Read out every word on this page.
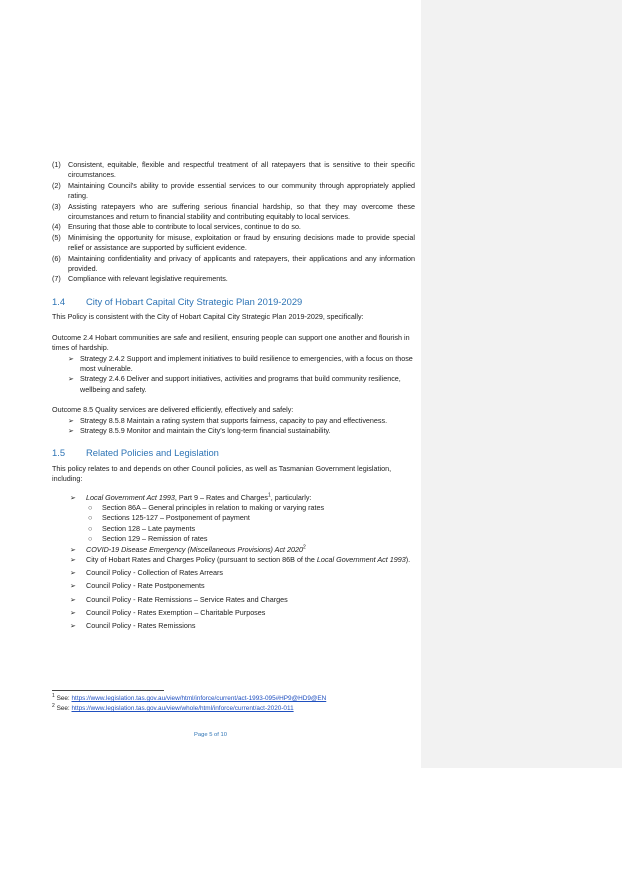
(1) Consistent, equitable, flexible and respectful treatment of all ratepayers that is sensitive to their specific circumstances.
(2) Maintaining Council's ability to provide essential services to our community through appropriately applied rating.
(3) Assisting ratepayers who are suffering serious financial hardship, so that they may overcome these circumstances and return to financial stability and contributing equitably to local services.
(4) Ensuring that those able to contribute to local services, continue to do so.
(5) Minimising the opportunity for misuse, exploitation or fraud by ensuring decisions made to provide special relief or assistance are supported by sufficient evidence.
(6) Maintaining confidentiality and privacy of applicants and ratepayers, their applications and any information provided.
(7) Compliance with relevant legislative requirements.
1.4	City of Hobart Capital City Strategic Plan 2019-2029

This Policy is consistent with the City of Hobart Capital City Strategic Plan 2019-2029, specifically:

Outcome 2.4 Hobart communities are safe and resilient, ensuring people can support one another and flourish in times of hardship.

➢ Strategy 2.4.2 Support and implement initiatives to build resilience to emergencies, with a focus on those most vulnerable.
➢ Strategy 2.4.6 Deliver and support initiatives, activities and programs that build community resilience, wellbeing and safety.

Outcome 8.5 Quality services are delivered efficiently, effectively and safely:

➢ Strategy 8.5.8 Maintain a rating system that supports fairness, capacity to pay and effectiveness.
➢ Strategy 8.5.9 Monitor and maintain the City's long-term financial sustainability.
1.5	Related Policies and Legislation

This policy relates to and depends on other Council policies, as well as Tasmanian Government legislation, including:

➢ Local Government Act 1993, Part 9 – Rates and Charges$^1$, particularly:
○ Section 86A – General principles in relation to making or varying rates
○ Sections 125-127 – Postponement of payment
○ Section 128 – Late payments
○ Section 129 – Remission of rates
➢ COVID-19 Disease Emergency (Miscellaneous Provisions) Act 2020$^2$
➢ City of Hobart Rates and Charges Policy (pursuant to section 86B of the Local Government Act 1993).
➢ Council Policy - Collection of Rates Arrears
➢ Council Policy - Rate Postponements
➢ Council Policy - Rate Remissions – Service Rates and Charges
➢ Council Policy - Rates Exemption – Charitable Purposes
➢ Council Policy - Rates Remissions
$^1$ See: https://www.legislation.tas.gov.au/view/html/inforce/current/act-1993-095#HP9@HD9@EN
$^2$ See: https://www.legislation.tas.gov.au/view/whole/html/inforce/current/act-2020-011
Page 5 of 10
